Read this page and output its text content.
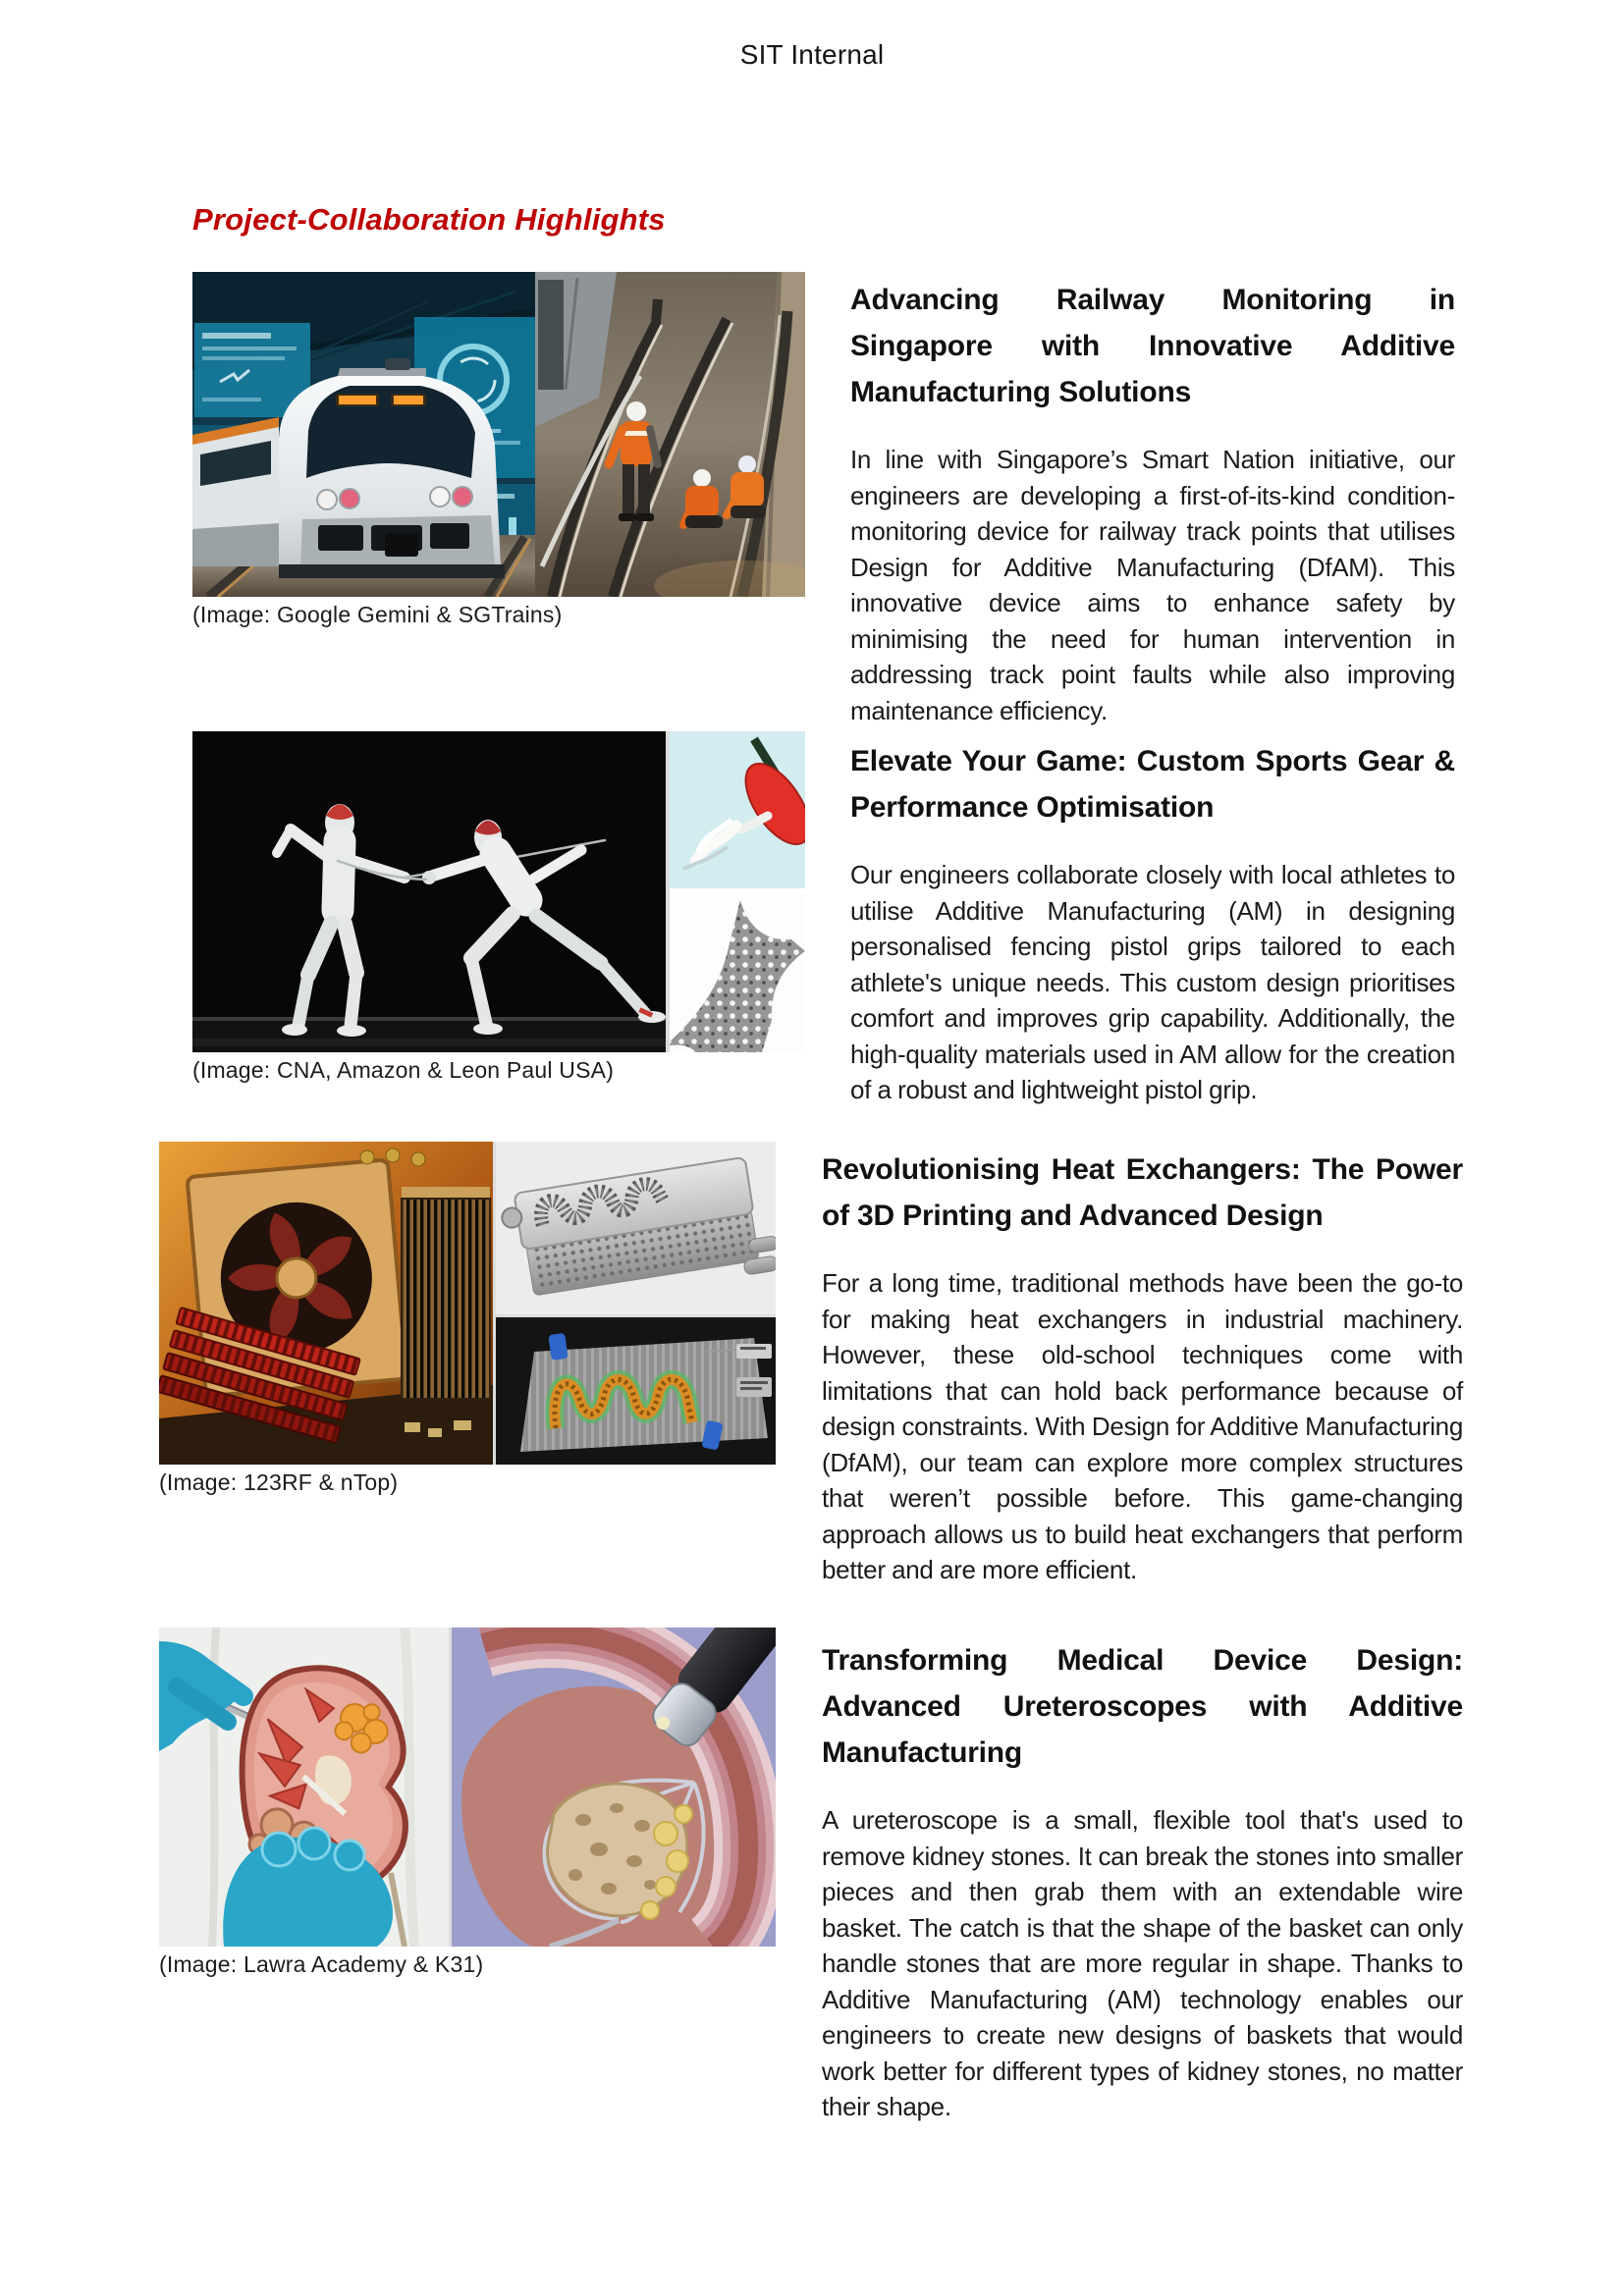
SIT Internal
Project-Collaboration Highlights
(Image: Google Gemini & SGTrains)
Advancing Railway Monitoring in Singapore with Innovative Additive Manufacturing Solutions

In line with Singapore’s Smart Nation initiative, our engineers are developing a first-of-its-kind condition-monitoring device for railway track points that utilises Design for Additive Manufacturing (DfAM). This innovative device aims to enhance safety by minimising the need for human intervention in addressing track point faults while also improving maintenance efficiency.

(Image: CNA, Amazon & Leon Paul USA)
Elevate Your Game: Custom Sports Gear & Performance Optimisation

Our engineers collaborate closely with local athletes to utilise Additive Manufacturing (AM) in designing personalised fencing pistol grips tailored to each athlete's unique needs. This custom design prioritises comfort and improves grip capability. Additionally, the high-quality materials used in AM allow for the creation of a robust and lightweight pistol grip.

(Image: 123RF & nTop)
Revolutionising Heat Exchangers: The Power of 3D Printing and Advanced Design

For a long time, traditional methods have been the go-to for making heat exchangers in industrial machinery. However, these old-school techniques come with limitations that can hold back performance because of design constraints. With Design for Additive Manufacturing (DfAM), our team can explore more complex structures that weren’t possible before. This game-changing approach allows us to build heat exchangers that perform better and are more efficient.

(Image: Lawra Academy & K31)
Transforming Medical Device Design: Advanced Ureteroscopes with Additive Manufacturing

A ureteroscope is a small, flexible tool that's used to remove kidney stones. It can break the stones into smaller pieces and then grab them with an extendable wire basket. The catch is that the shape of the basket can only handle stones that are more regular in shape. Thanks to Additive Manufacturing (AM) technology enables our engineers to create new designs of baskets that would work better for different types of kidney stones, no matter their shape.
